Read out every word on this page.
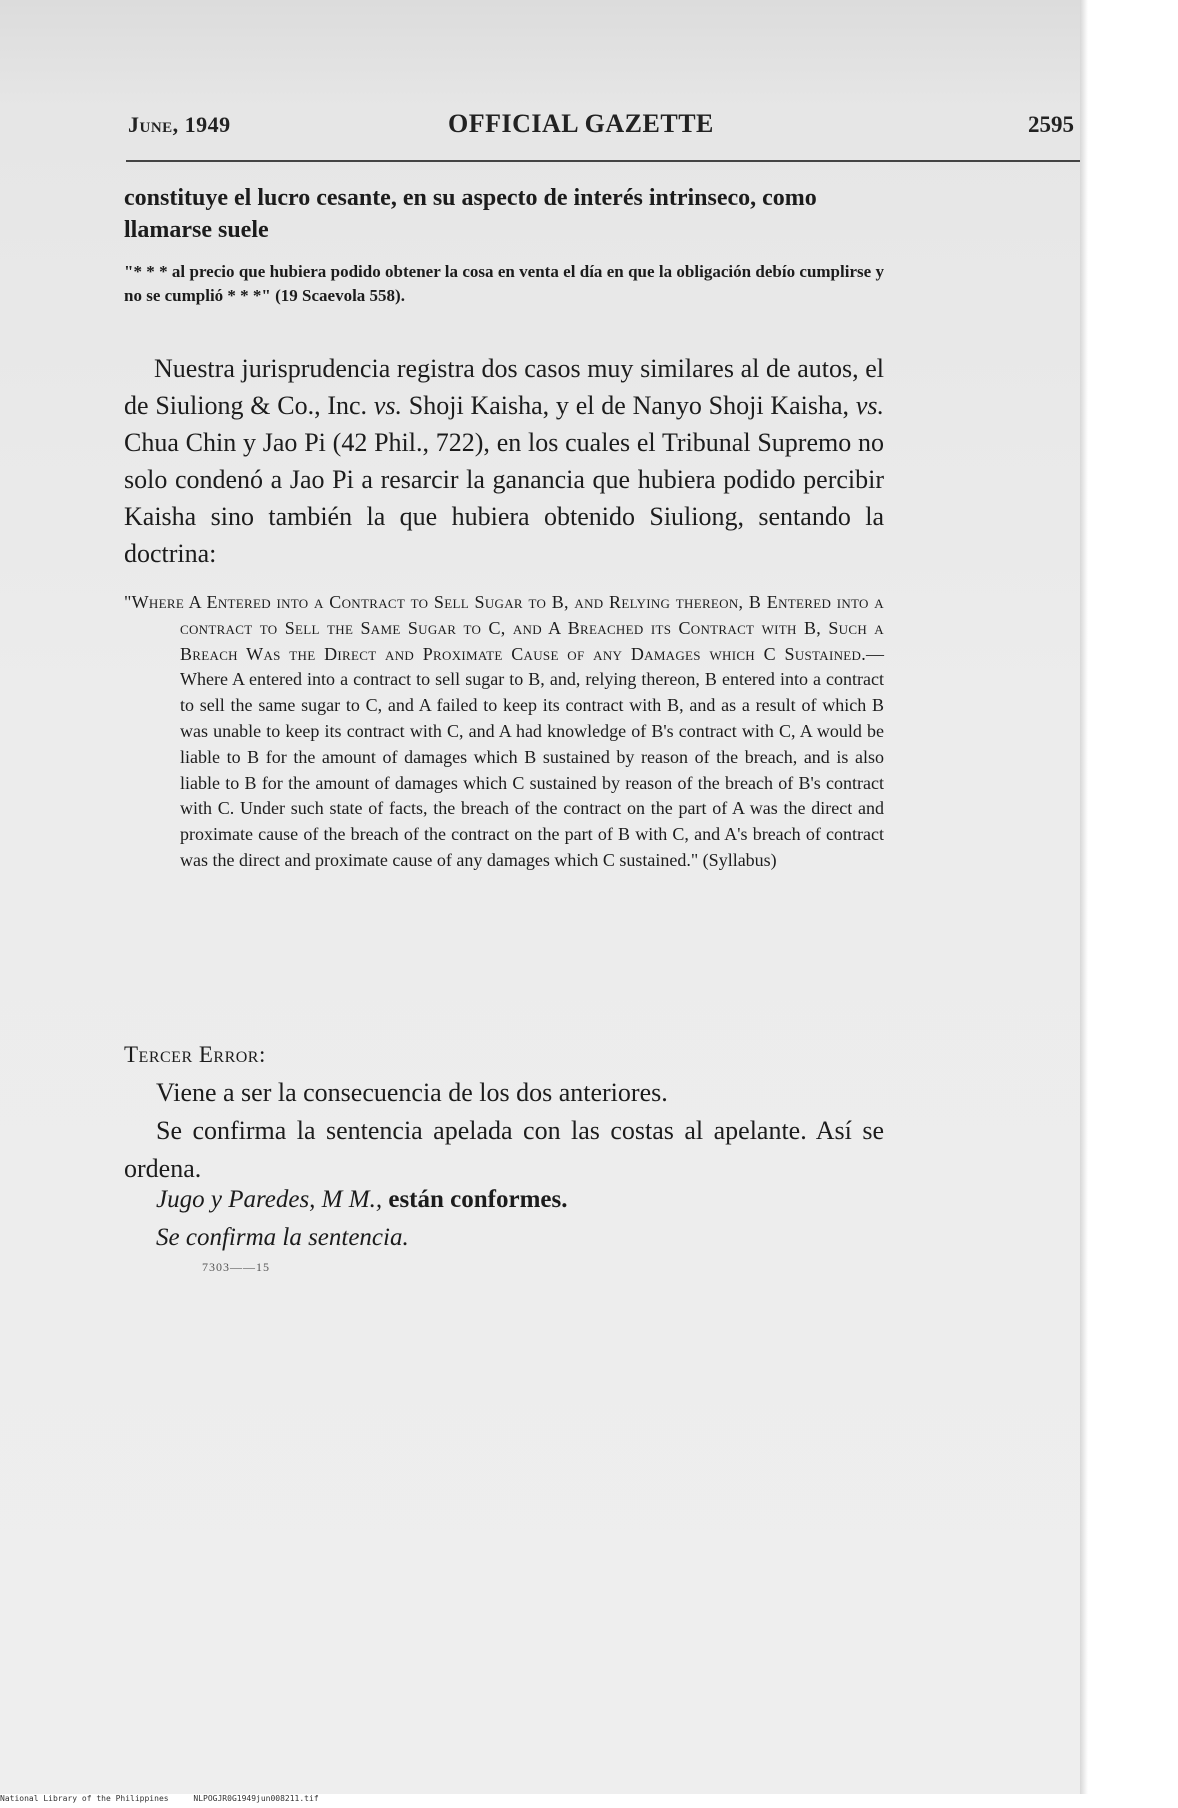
June, 1949	OFFICIAL GAZETTE	2595
constituye el lucro cesante, en su aspecto de interés intrinseco, como llamarse suele
"* * * al precio que hubiera podido obtener la cosa en venta el día en que la obligación debío cumplirse y no se cumplió * * *" (19 Scaevola 558).
Nuestra jurisprudencia registra dos casos muy similares al de autos, el de Siuliong & Co., Inc. vs. Shoji Kaisha, y el de Nanyo Shoji Kaisha, vs. Chua Chin y Jao Pi (42 Phil., 722), en los cuales el Tribunal Supremo no solo condenó a Jao Pi a resarcir la ganancia que hubiera podido percibir Kaisha sino también la que hubiera obtenido Siuliong, sentando la doctrina:
"Where A Entered into a Contract to Sell Sugar to B, and Relying thereon, B Entered into a contract to Sell the Same Sugar to C, and A Breached its Contract with B, Such a Breach Was the Direct and Proximate Cause of any Damages which C Sustained.—Where A entered into a contract to sell sugar to B, and, relying thereon, B entered into a contract to sell the same sugar to C, and A failed to keep its contract with B, and as a result of which B was unable to keep its contract with C, and A had knowledge of B's contract with C, A would be liable to B for the amount of damages which B sustained by reason of the breach, and is also liable to B for the amount of damages which C sustained by reason of the breach of B's contract with C. Under such state of facts, the breach of the contract on the part of A was the direct and proximate cause of the breach of the contract on the part of B with C, and A's breach of contract was the direct and proximate cause of any damages which C sustained." (Syllabus)
Tercer Error:
Viene a ser la consecuencia de los dos anteriores.
Se confirma la sentencia apelada con las costas al apelante. Así se ordena.
Jugo y Paredes, M M., están conformes.
Se confirma la sentencia.
7303——15
National Library of the Philippines	NLPOGJR0G1949jun008211.tif
